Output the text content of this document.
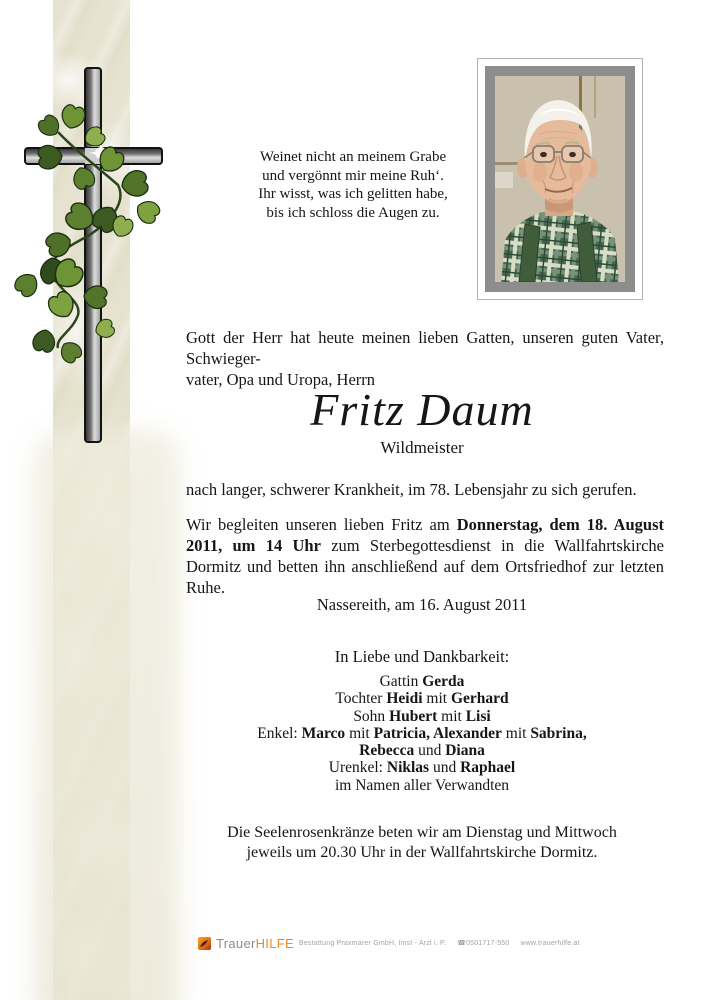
Weinet nicht an meinem Grabe
und vergönnt mir meine Ruh‘.
Ihr wisst, was ich gelitten habe,
bis ich schloss die Augen zu.
Gott der Herr hat heute meinen lieben Gatten, unseren guten Vater, Schwieger-
vater, Opa und Uropa, Herrn
Fritz Daum
Wildmeister

nach langer, schwerer Krankheit, im 78. Lebensjahr zu sich gerufen.

Wir begleiten unseren lieben Fritz am Donnerstag, dem 18. August 2011, um 14 Uhr zum Sterbegottesdienst in die Wallfahrtskirche Dormitz und betten ihn anschließend auf dem Ortsfriedhof zur letzten Ruhe.

Nassereith, am 16. August 2011
In Liebe und Dankbarkeit:
Gattin Gerda
Tochter Heidi mit Gerhard
Sohn Hubert mit Lisi
Enkel: Marco mit Patricia, Alexander mit Sabrina,
Rebecca und Diana
Urenkel: Niklas und Raphael
im Namen aller Verwandten
Die Seelenrosenkränze beten wir am Dienstag und Mittwoch
jeweils um 20.30 Uhr in der Wallfahrtskirche Dormitz.
TrauerHILFE Bestattung Praxmarer GmbH, Imst - Arzl i. P. ☎0501717-550 www.trauerhilfe.at
